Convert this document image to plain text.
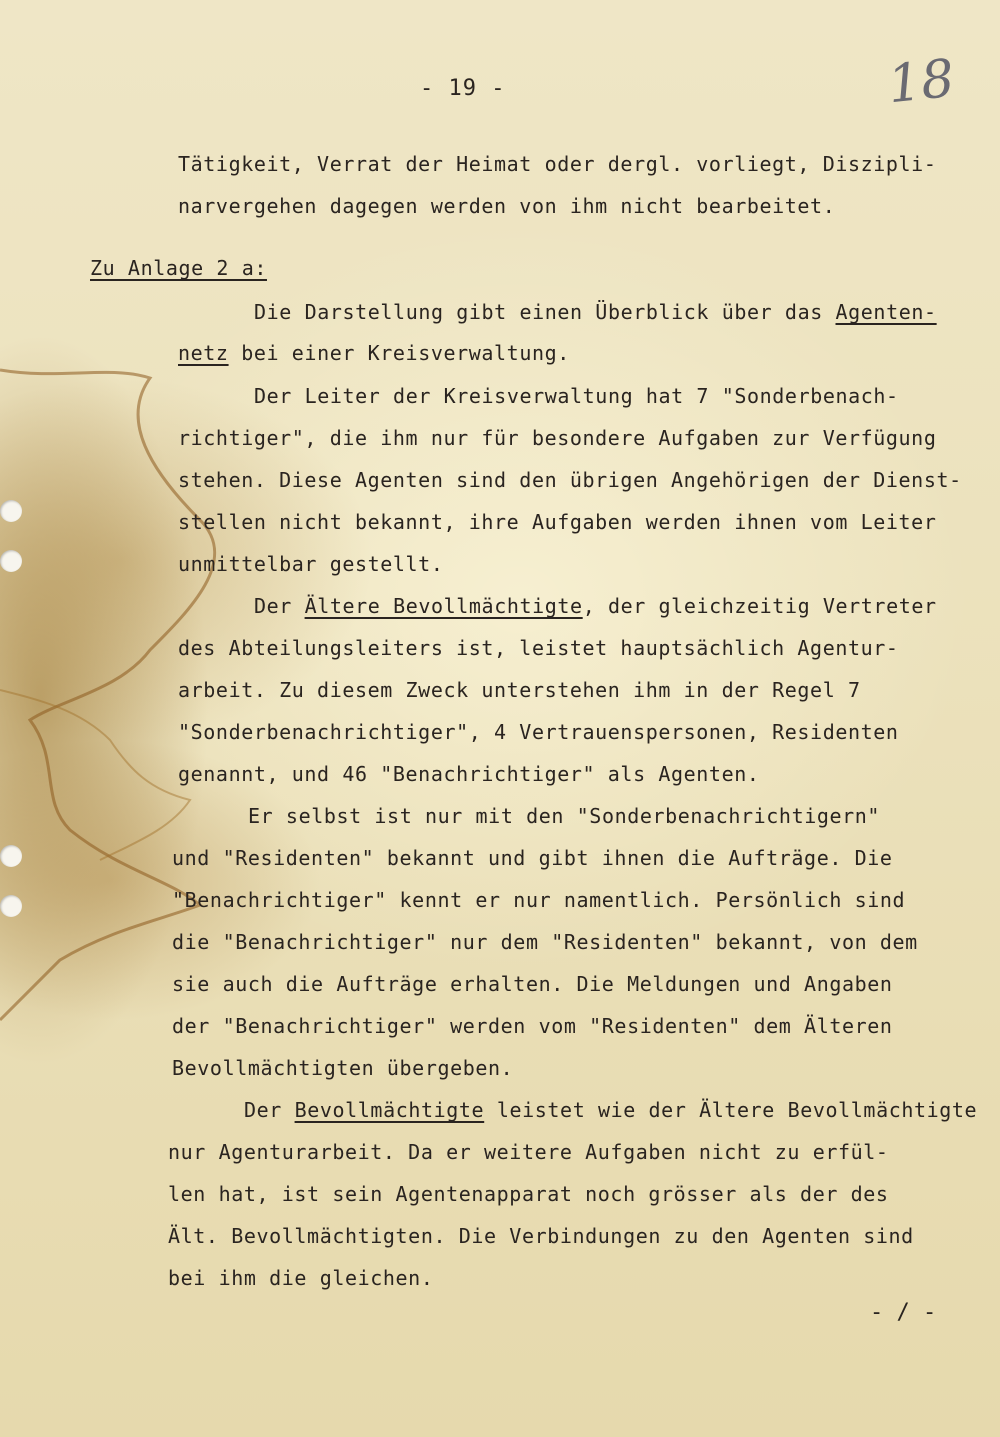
- 19 -	18
Tätigkeit, Verrat der Heimat oder dergl. vorliegt, Diszipli-
narvergehen dagegen werden von ihm nicht bearbeitet.
Zu Anlage 2 a:
Die Darstellung gibt einen Überblick über das Agenten-
netz bei einer Kreisverwaltung.
Der Leiter der Kreisverwaltung hat 7 "Sonderbenach-
richtiger", die ihm nur für besondere Aufgaben zur Verfügung
stehen. Diese Agenten sind den übrigen Angehörigen der Dienst-
stellen nicht bekannt, ihre Aufgaben werden ihnen vom Leiter
unmittelbar gestellt.
Der Ältere Bevollmächtigte, der gleichzeitig Vertreter
des Abteilungsleiters ist, leistet hauptsächlich Agentur-
arbeit. Zu diesem Zweck unterstehen ihm in der Regel 7
"Sonderbenachrichtiger", 4 Vertrauenspersonen, Residenten
genannt, und 46 "Benachrichtiger" als Agenten.
Er selbst ist nur mit den "Sonderbenachrichtigern"
und "Residenten" bekannt und gibt ihnen die Aufträge. Die
"Benachrichtiger" kennt er nur namentlich. Persönlich sind
die "Benachrichtiger" nur dem "Residenten" bekannt, von dem
sie auch die Aufträge erhalten. Die Meldungen und Angaben
der "Benachrichtiger" werden vom "Residenten" dem Älteren
Bevollmächtigten übergeben.
Der Bevollmächtigte leistet wie der Ältere Bevollmächtigte
nur Agenturarbeit. Da er weitere Aufgaben nicht zu erfül-
len hat, ist sein Agentenapparat noch grösser als der des
Ält. Bevollmächtigten. Die Verbindungen zu den Agenten sind
bei ihm die gleichen.
- / -
